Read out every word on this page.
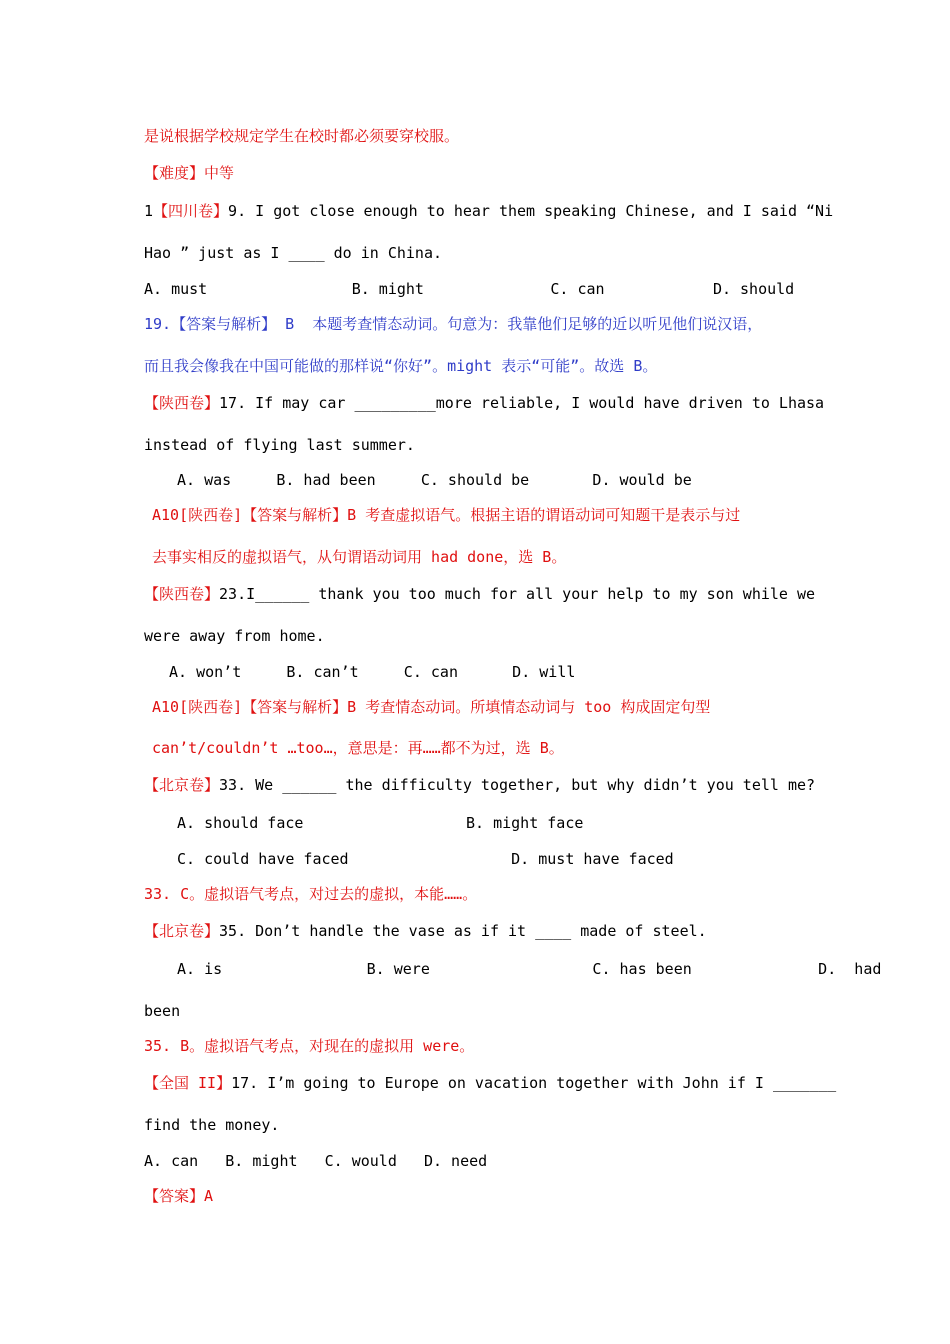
是说根据学校规定学生在校时都必须要穿校服。
【难度】中等
1【四川卷】9. I got close enough to hear them speaking Chinese, and I said “Ni
Hao ” just as I ____ do in China.
A. must                B. might              C. can            D. should
19.【答案与解析】 B  本题考查情态动词。句意为：我靠他们足够的近以听见他们说汉语，
而且我会像我在中国可能做的那样说“你好”。might 表示“可能”。故选 B。
【陕西卷】17. If may car _________more reliable, I would have driven to Lhasa
instead of flying last summer.
A. was     B. had been     C. should be       D. would be
A10[陕西卷]【答案与解析】B 考查虚拟语气。根据主语的谓语动词可知题干是表示与过
去事实相反的虚拟语气，从句谓语动词用 had done，选 B。
【陕西卷】23.I______ thank you too much for all your help to my son while we
were away from home.
A. won’t     B. can’t     C. can      D. will
A10[陕西卷]【答案与解析】B 考查情态动词。所填情态动词与 too 构成固定句型
can’t/couldn’t …too…，意思是：再……都不为过，选 B。
【北京卷】33. We ______ the difficulty together, but why didn’t you tell me?
A. should face                  B. might face
C. could have faced                  D. must have faced
33. C。虚拟语气考点，对过去的虚拟，本能……。
【北京卷】35. Don’t handle the vase as if it ____ made of steel.
A. is                B. were                  C. has been              D.  had
been
35. B。虚拟语气考点，对现在的虚拟用 were。
【全国 II】17. I’m going to Europe on vacation together with John if I _______
find the money.
A. can   B. might   C. would   D. need
【答案】A
